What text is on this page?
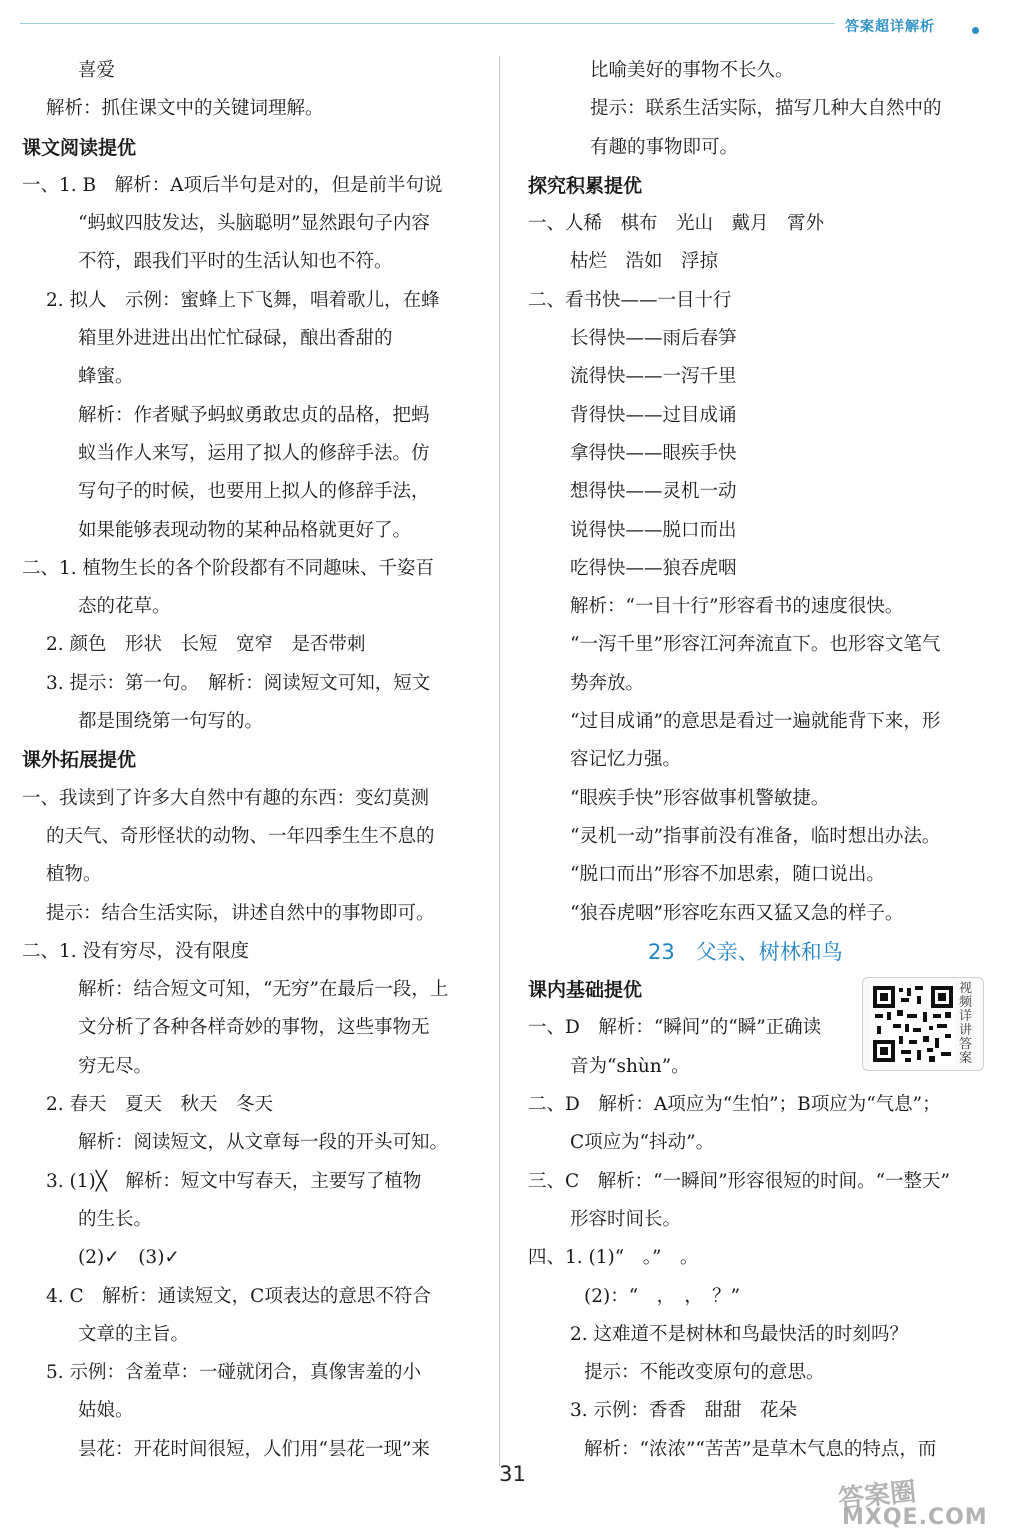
答案超详解析
喜爱
解析：抓住课文中的关键词理解。
课文阅读提优
一、1. B　解析：A项后半句是对的，但是前半句说
“蚂蚁四肢发达，头脑聪明”显然跟句子内容
不符，跟我们平时的生活认知也不符。
2. 拟人　示例：蜜蜂上下飞舞，唱着歌儿，在蜂
箱里外进进出出忙忙碌碌，酿出香甜的
蜂蜜。
解析：作者赋予蚂蚁勇敢忠贞的品格，把蚂
蚁当作人来写，运用了拟人的修辞手法。仿
写句子的时候，也要用上拟人的修辞手法，
如果能够表现动物的某种品格就更好了。
二、1. 植物生长的各个阶段都有不同趣味、千姿百
态的花草。
2. 颜色　形状　长短　宽窄　是否带刺
3. 提示：第一句。　解析：阅读短文可知，短文
都是围绕第一句写的。
课外拓展提优
一、我读到了许多大自然中有趣的东西：变幻莫测
的天气、奇形怪状的动物、一年四季生生不息的
植物。
提示：结合生活实际，讲述自然中的事物即可。
二、1. 没有穷尽，没有限度
解析：结合短文可知，“无穷”在最后一段，上
文分析了各种各样奇妙的事物，这些事物无
穷无尽。
2. 春天　夏天　秋天　冬天
解析：阅读短文，从文章每一段的开头可知。
3. (1)╳　解析：短文中写春天，主要写了植物
的生长。
(2)✓　(3)✓
4. C　解析：通读短文，C项表达的意思不符合
文章的主旨。
5. 示例：含羞草：一碰就闭合，真像害羞的小
姑娘。
昙花：开花时间很短，人们用“昙花一现”来
比喻美好的事物不长久。
提示：联系生活实际，描写几种大自然中的
有趣的事物即可。
探究积累提优
一、人稀　棋布　光山　戴月　霄外
枯烂　浩如　浮掠
二、看书快——一目十行
长得快——雨后春笋
流得快——一泻千里
背得快——过目成诵
拿得快——眼疾手快
想得快——灵机一动
说得快——脱口而出
吃得快——狼吞虎咽
解析：“一目十行”形容看书的速度很快。
“一泻千里”形容江河奔流直下。也形容文笔气
势奔放。
“过目成诵”的意思是看过一遍就能背下来，形
容记忆力强。
“眼疾手快”形容做事机警敏捷。
“灵机一动”指事前没有准备，临时想出办法。
“脱口而出”形容不加思索，随口说出。
“狼吞虎咽”形容吃东西又猛又急的样子。
23　父亲、树林和鸟
课内基础提优
一、D　解析：“瞬间”的“瞬”正确读
音为“shùn”。
二、D　解析：A项应为“生怕”；B项应为“气息”；
C项应为“抖动”。
三、C　解析：“一瞬间”形容很短的时间。“一整天”
形容时间长。
四、1. (1)“　。”　。
(2)：“　，　，　？”
2. 这难道不是树林和鸟最快活的时刻吗？
提示：不能改变原句的意思。
3. 示例：香香　甜甜　花朵
解析：“浓浓”“苦苦”是草木气息的特点，而
视频详讲答案
31
答案圈
MXQE.COM
